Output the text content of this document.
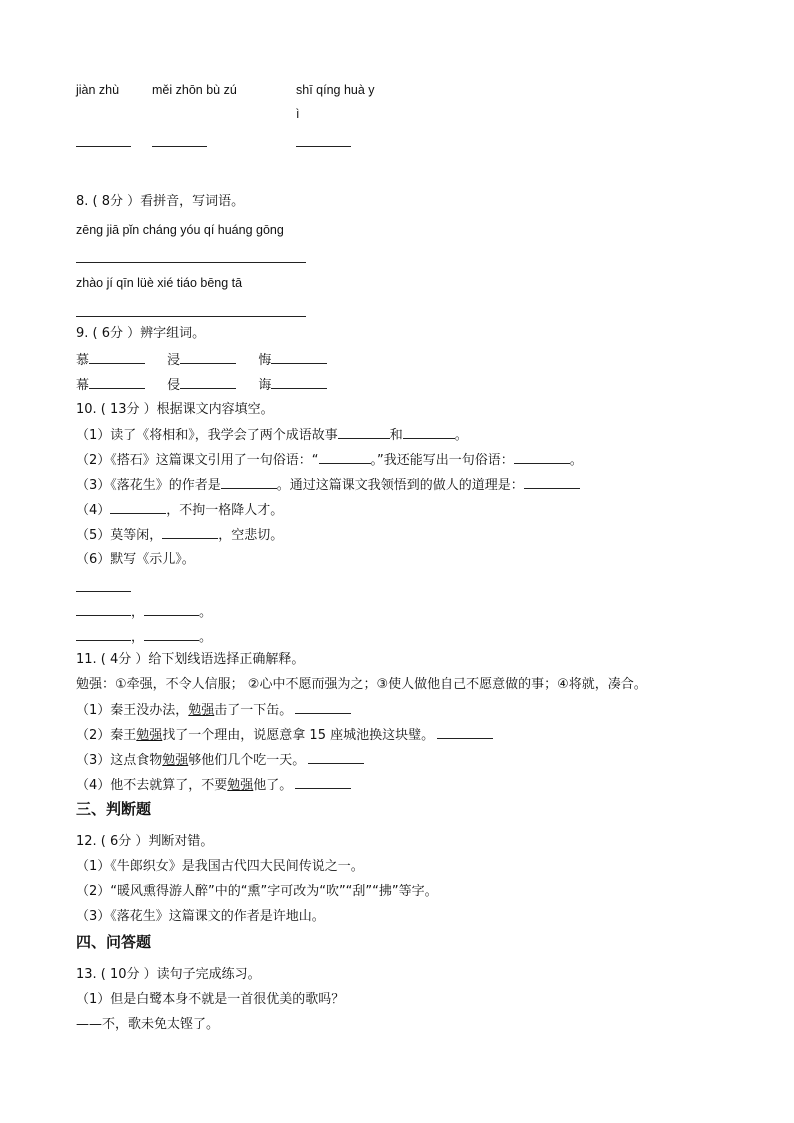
jiàn zhù	měi zhōn bù zú	shī qíng huà y
ì
8. ( 8分 ）看拼音，写词语。
zēng jiā pǐn cháng yóu qí huáng gōng
zhào jí qīn lüè xié tiáo bēng tā
9. ( 6分 ）辨字组词。
慕	浸	悔
幕	侵	诲
10. ( 13分 ）根据课文内容填空。
（1）读了《将相和》，我学会了两个成语故事	和	。
（2）《搭石》这篇课文引用了一句俗语：“	。”我还能写出一句俗语：	。
（3）《落花生》的作者是	。通过这篇课文我领悟到的做人的道理是：
（4）	，不拘一格降人才。
（5）莫等闲，	，空悲切。
（6）默写《示儿》。
，	。
，	。
11. ( 4分 ）给下划线语选择正确解释。
勉强：①牵强，不令人信服； ②心中不愿而强为之；③使人做他自己不愿意做的事；④将就，凑合。
（1）秦王没办法，勉强击了一下缶。
（2）秦王勉强找了一个理由，说愿意拿 15 座城池换这块璧。
（3）这点食物勉强够他们几个吃一天。
（4）他不去就算了，不要勉强他了。
三、判断题
12. ( 6分 ）判断对错。
（1）《牛郎织女》是我国古代四大民间传说之一。
（2）“暖风熏得游人醉”中的“熏”字可改为“吹”“刮”“拂”等字。
（3）《落花生》这篇课文的作者是许地山。
四、问答题
13. ( 10分 ）读句子完成练习。
（1）但是白鹭本身不就是一首很优美的歌吗？
——不，歌未免太铿了。
